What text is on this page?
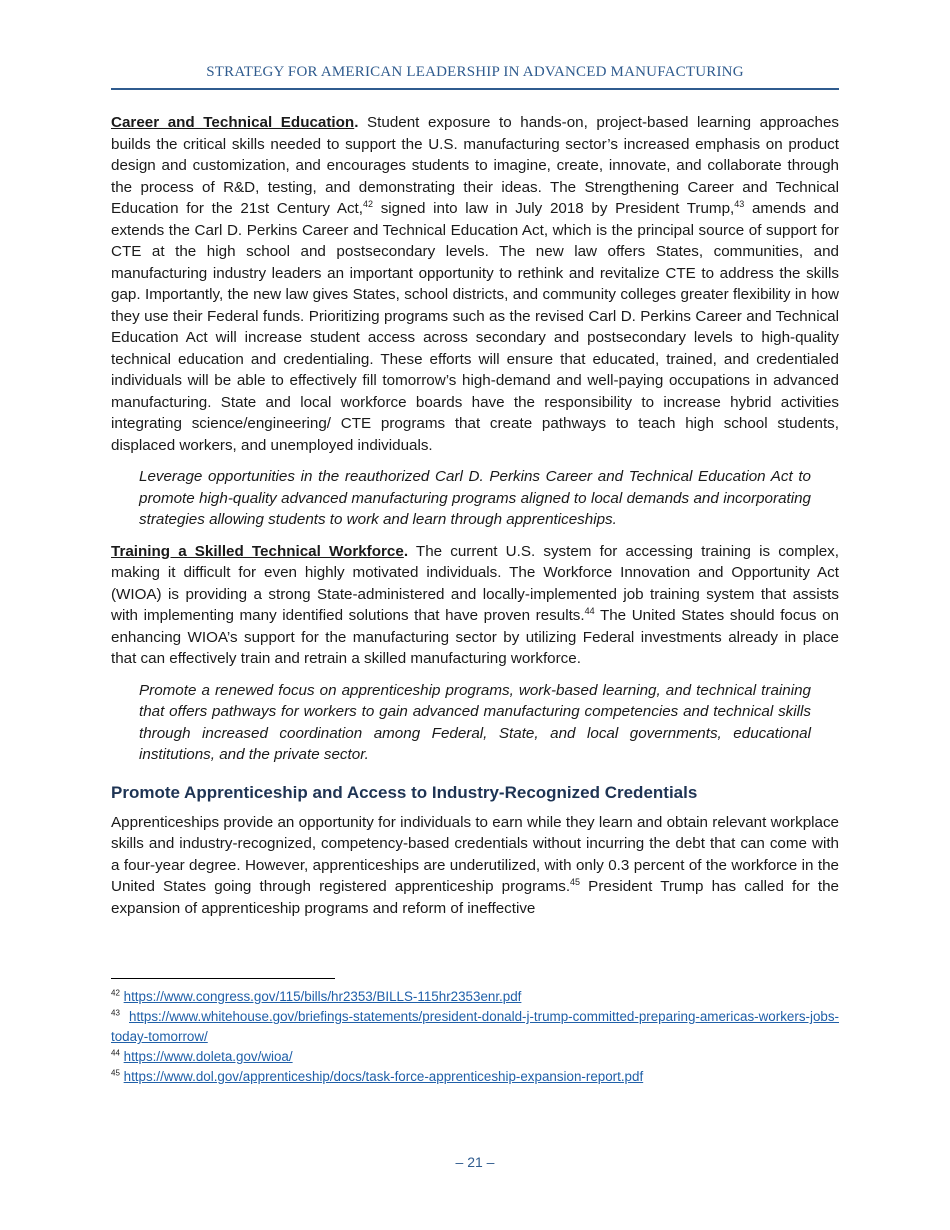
STRATEGY FOR AMERICAN LEADERSHIP IN ADVANCED MANUFACTURING

Career and Technical Education. Student exposure to hands-on, project-based learning approaches builds the critical skills needed to support the U.S. manufacturing sector’s increased emphasis on product design and customization, and encourages students to imagine, create, innovate, and collaborate through the process of R&D, testing, and demonstrating their ideas. The Strengthening Career and Technical Education for the 21st Century Act,$^{42}$ signed into law in July 2018 by President Trump,$^{43}$ amends and extends the Carl D. Perkins Career and Technical Education Act, which is the principal source of support for CTE at the high school and postsecondary levels. The new law offers States, communities, and manufacturing industry leaders an important opportunity to rethink and revitalize CTE to address the skills gap. Importantly, the new law gives States, school districts, and community colleges greater flexibility in how they use their Federal funds. Prioritizing programs such as the revised Carl D. Perkins Career and Technical Education Act will increase student access across secondary and postsecondary levels to high-quality technical education and credentialing. These efforts will ensure that educated, trained, and credentialed individuals will be able to effectively fill tomorrow’s high-demand and well-paying occupations in advanced manufacturing. State and local workforce boards have the responsibility to increase hybrid activities integrating science/engineering/ CTE programs that create pathways to teach high school students, displaced workers, and unemployed individuals.

Leverage opportunities in the reauthorized Carl D. Perkins Career and Technical Education Act to promote high-quality advanced manufacturing programs aligned to local demands and incorporating strategies allowing students to work and learn through apprenticeships.

Training a Skilled Technical Workforce. The current U.S. system for accessing training is complex, making it difficult for even highly motivated individuals. The Workforce Innovation and Opportunity Act (WIOA) is providing a strong State-administered and locally-implemented job training system that assists with implementing many identified solutions that have proven results.$^{44}$ The United States should focus on enhancing WIOA’s support for the manufacturing sector by utilizing Federal investments already in place that can effectively train and retrain a skilled manufacturing workforce.

Promote a renewed focus on apprenticeship programs, work-based learning, and technical training that offers pathways for workers to gain advanced manufacturing competencies and technical skills through increased coordination among Federal, State, and local governments, educational institutions, and the private sector.

Promote Apprenticeship and Access to Industry-Recognized Credentials

Apprenticeships provide an opportunity for individuals to earn while they learn and obtain relevant workplace skills and industry-recognized, competency-based credentials without incurring the debt that can come with a four-year degree. However, apprenticeships are underutilized, with only 0.3 percent of the workforce in the United States going through registered apprenticeship programs.$^{45}$ President Trump has called for the expansion of apprenticeship programs and reform of ineffective

$^{42}$ https://www.congress.gov/115/bills/hr2353/BILLS-115hr2353enr.pdf

$^{43}$ https://www.whitehouse.gov/briefings-statements/president-donald-j-trump-committed-preparing-americas-workers-jobs-today-tomorrow/

$^{44}$ https://www.doleta.gov/wioa/

$^{45}$ https://www.dol.gov/apprenticeship/docs/task-force-apprenticeship-expansion-report.pdf

– 21 –
